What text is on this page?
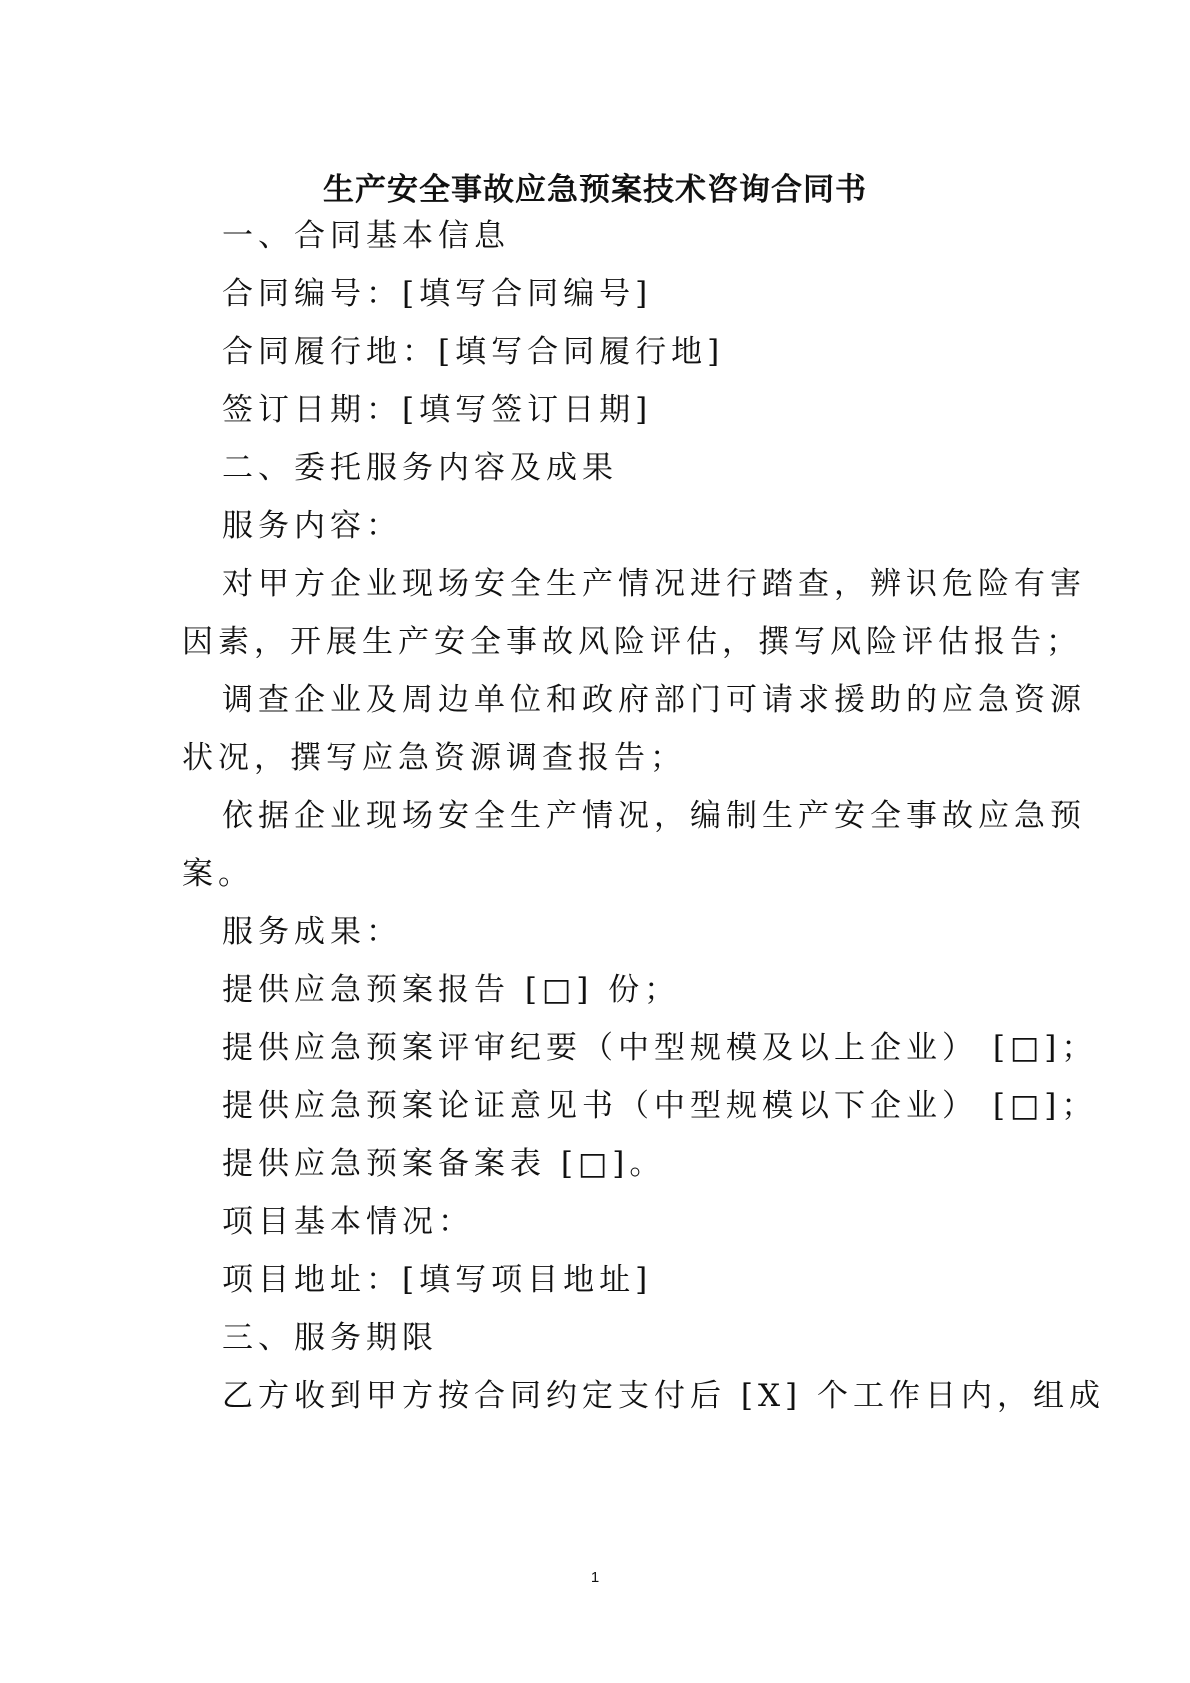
生产安全事故应急预案技术咨询合同书
一、合同基本信息
合同编号：[填写合同编号]
合同履行地：[填写合同履行地]
签订日期：[填写签订日期]
二、委托服务内容及成果
服务内容：
对甲方企业现场安全生产情况进行踏查，辨识危险有害
因素，开展生产安全事故风险评估，撰写风险评估报告；
调查企业及周边单位和政府部门可请求援助的应急资源
状况，撰写应急资源调查报告；
依据企业现场安全生产情况，编制生产安全事故应急预
案。
服务成果：
提供应急预案报告 [□] 份；
提供应急预案评审纪要（中型规模及以上企业） [□]；
提供应急预案论证意见书（中型规模以下企业） [□]；
提供应急预案备案表 [□]。
项目基本情况：
项目地址：[填写项目地址]
三、服务期限
乙方收到甲方按合同约定支付后 [X] 个工作日内，组成
1
